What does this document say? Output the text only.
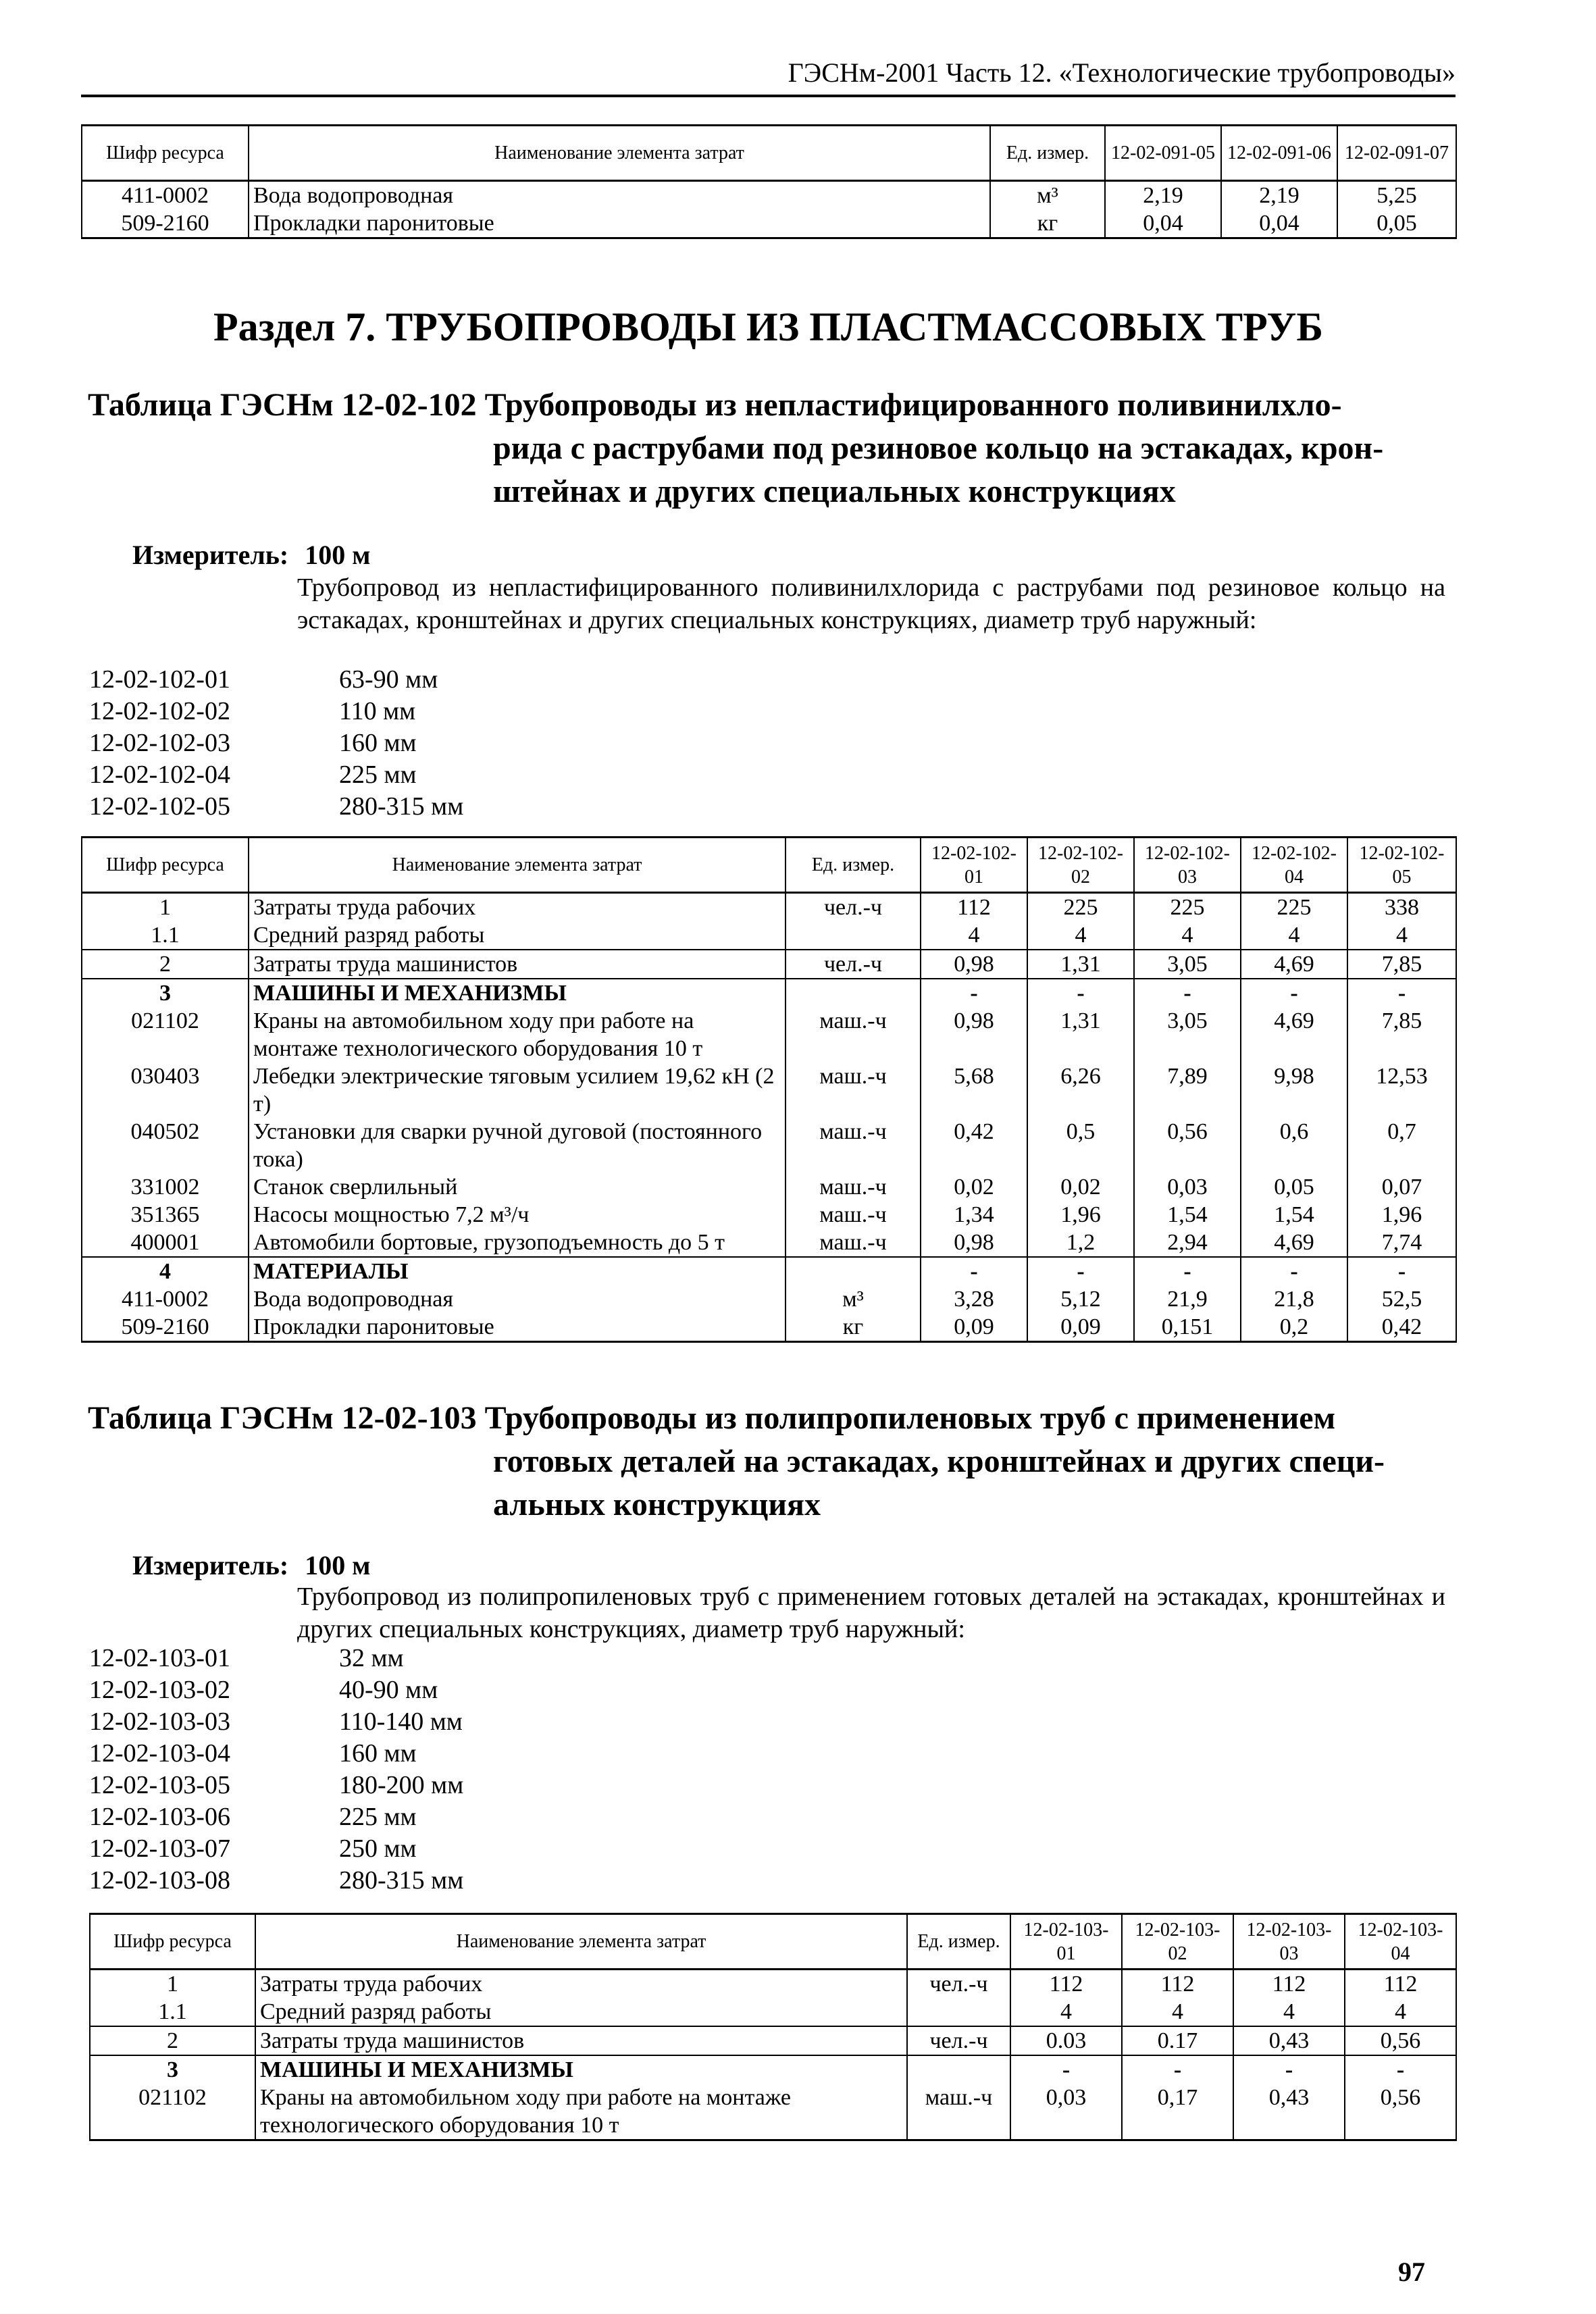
ГЭСНм-2001 Часть 12. «Технологические трубопроводы»
Шифр ресурса	Наименование элемента затрат	Ед. измер.	12-02-091-05	12-02-091-06	12-02-091-07
411-0002	Вода водопроводная	м³	2,19	2,19	5,25
509-2160	Прокладки паронитовые	кг	0,04	0,04	0,05
Раздел 7. ТРУБОПРОВОДЫ ИЗ ПЛАСТМАССОВЫХ ТРУБ
Таблица ГЭСНм 12-02-102 Трубопроводы из непластифицированного поливинилхло-
рида с раструбами под резиновое кольцо на эстакадах, крон-
штейнах и других специальных конструкциях
Измеритель: 100 м
Трубопровод из непластифицированного поливинилхлорида с раструбами под резиновое кольцо на эстакадах, кронштейнах и других специальных конструкциях, диаметр труб наружный:
12-02-102-01	63-90 мм
12-02-102-02	110 мм
12-02-102-03	160 мм
12-02-102-04	225 мм
12-02-102-05	280-315 мм
Шифр ресурса	Наименование элемента затрат	Ед. измер.	12-02-102-01	12-02-102-02	12-02-102-03	12-02-102-04	12-02-102-05
1	Затраты труда рабочих	чел.-ч	112	225	225	225	338
1.1	Средний разряд работы		4	4	4	4	4
2	Затраты труда машинистов	чел.-ч	0,98	1,31	3,05	4,69	7,85
3	МАШИНЫ И МЕХАНИЗМЫ		-	-	-	-	-
021102	Краны на автомобильном ходу при работе на монтаже технологического оборудования 10 т	маш.-ч	0,98	1,31	3,05	4,69	7,85
030403	Лебедки электрические тяговым усилием 19,62 кН (2 т)	маш.-ч	5,68	6,26	7,89	9,98	12,53
040502	Установки для сварки ручной дуговой (постоянного тока)	маш.-ч	0,42	0,5	0,56	0,6	0,7
331002	Станок сверлильный	маш.-ч	0,02	0,02	0,03	0,05	0,07
351365	Насосы мощностью 7,2 м³/ч	маш.-ч	1,34	1,96	1,54	1,54	1,96
400001	Автомобили бортовые, грузоподъемность до 5 т	маш.-ч	0,98	1,2	2,94	4,69	7,74
4	МАТЕРИАЛЫ		-	-	-	-	-
411-0002	Вода водопроводная	м³	3,28	5,12	21,9	21,8	52,5
509-2160	Прокладки паронитовые	кг	0,09	0,09	0,151	0,2	0,42
Таблица ГЭСНм 12-02-103 Трубопроводы из полипропиленовых труб с применением
готовых деталей на эстакадах, кронштейнах и других специ-
альных конструкциях
Измеритель: 100 м
Трубопровод из полипропиленовых труб с применением готовых деталей на эстакадах, кронштейнах и других специальных конструкциях, диаметр труб наружный:
12-02-103-01	32 мм
12-02-103-02	40-90 мм
12-02-103-03	110-140 мм
12-02-103-04	160 мм
12-02-103-05	180-200 мм
12-02-103-06	225 мм
12-02-103-07	250 мм
12-02-103-08	280-315 мм
Шифр ресурса	Наименование элемента затрат	Ед. измер.	12-02-103-01	12-02-103-02	12-02-103-03	12-02-103-04
1	Затраты труда рабочих	чел.-ч	112	112	112	112
1.1	Средний разряд работы		4	4	4	4
2	Затраты труда машинистов	чел.-ч	0.03	0.17	0,43	0,56
3	МАШИНЫ И МЕХАНИЗМЫ		-	-	-	-
021102	Краны на автомобильном ходу при работе на монтаже технологического оборудования 10 т	маш.-ч	0,03	0,17	0,43	0,56
97
